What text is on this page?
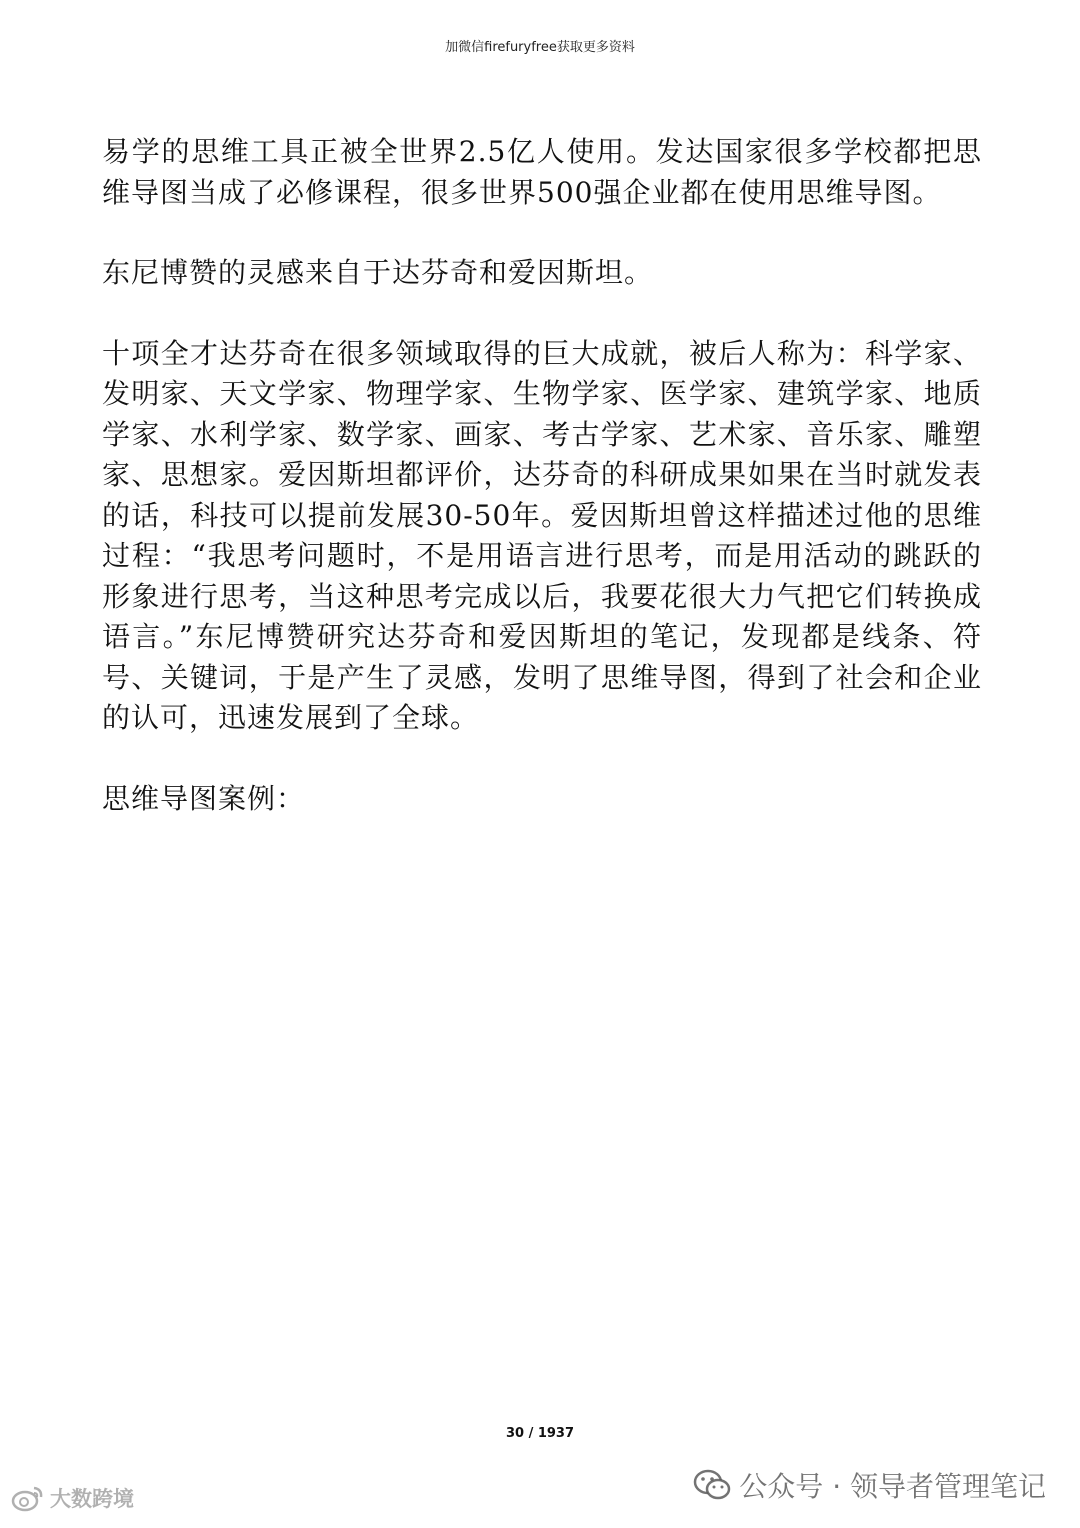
加微信firefuryfree获取更多资料

易学的思维工具正被全世界2.5亿人使用。发达国家很多学校都把思维导图当成了必修课程，很多世界500强企业都在使用思维导图。

东尼博赞的灵感来自于达芬奇和爱因斯坦。

十项全才达芬奇在很多领域取得的巨大成就，被后人称为：科学家、发明家、天文学家、物理学家、生物学家、医学家、建筑学家、地质学家、水利学家、数学家、画家、考古学家、艺术家、音乐家、雕塑家、思想家。爱因斯坦都评价，达芬奇的科研成果如果在当时就发表的话，科技可以提前发展30-50年。爱因斯坦曾这样描述过他的思维过程：“我思考问题时，不是用语言进行思考，而是用活动的跳跃的形象进行思考，当这种思考完成以后，我要花很大力气把它们转换成语言。”东尼博赞研究达芬奇和爱因斯坦的笔记，发现都是线条、符号、关键词，于是产生了灵感，发明了思维导图，得到了社会和企业的认可，迅速发展到了全球。

思维导图案例：

30 / 1937
大数跨境	公众号 · 领导者管理笔记
